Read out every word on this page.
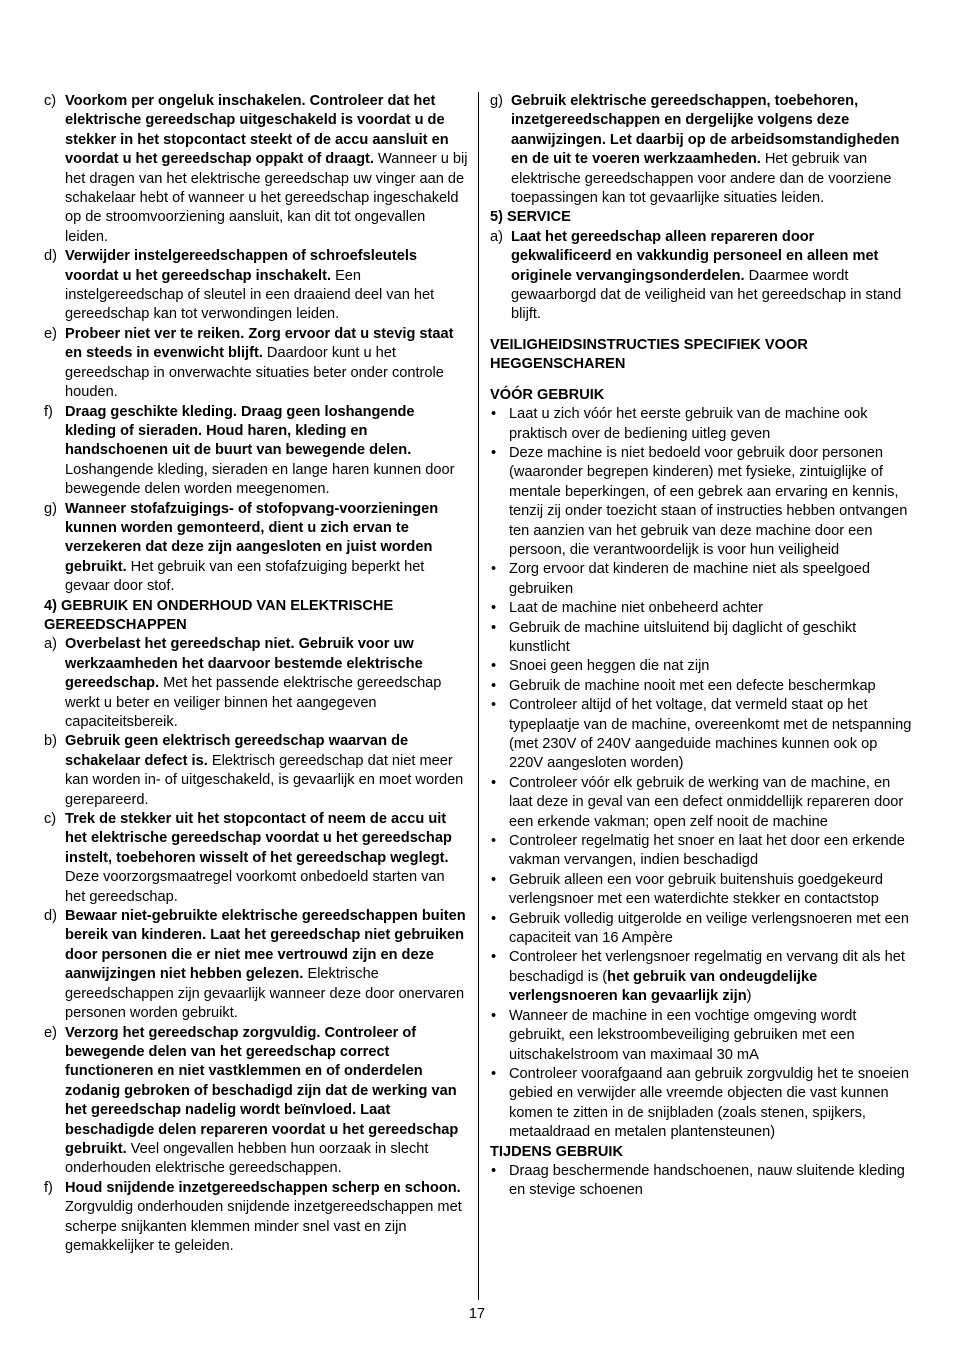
c) Voorkom per ongeluk inschakelen. Controleer dat het elektrische gereedschap uitgeschakeld is voordat u de stekker in het stopcontact steekt of de accu aansluit en voordat u het gereedschap oppakt of draagt. Wanneer u bij het dragen van het elektrische gereedschap uw vinger aan de schakelaar hebt of wanneer u het gereedschap ingeschakeld op de stroomvoorziening aansluit, kan dit tot ongevallen leiden.
d) Verwijder instelgereedschappen of schroefsleutels voordat u het gereedschap inschakelt. Een instelgereedschap of sleutel in een draaiend deel van het gereedschap kan tot verwondingen leiden.
e) Probeer niet ver te reiken. Zorg ervoor dat u stevig staat en steeds in evenwicht blijft. Daardoor kunt u het gereedschap in onverwachte situaties beter onder controle houden.
f) Draag geschikte kleding. Draag geen loshangende kleding of sieraden. Houd haren, kleding en handschoenen uit de buurt van bewegende delen. Loshangende kleding, sieraden en lange haren kunnen door bewegende delen worden meegenomen.
g) Wanneer stofafzuigings- of stofopvang-voorzieningen kunnen worden gemonteerd, dient u zich ervan te verzekeren dat deze zijn aangesloten en juist worden gebruikt. Het gebruik van een stofafzuiging beperkt het gevaar door stof.
4) GEBRUIK EN ONDERHOUD VAN ELEKTRISCHE GEREEDSCHAPPEN
a) Overbelast het gereedschap niet. Gebruik voor uw werkzaamheden het daarvoor bestemde elektrische gereedschap. Met het passende elektrische gereedschap werkt u beter en veiliger binnen het aangegeven capaciteitsbereik.
b) Gebruik geen elektrisch gereedschap waarvan de schakelaar defect is. Elektrisch gereedschap dat niet meer kan worden in- of uitgeschakeld, is gevaarlijk en moet worden gerepareerd.
c) Trek de stekker uit het stopcontact of neem de accu uit het elektrische gereedschap voordat u het gereedschap instelt, toebehoren wisselt of het gereedschap weglegt. Deze voorzorgsmaatregel voorkomt onbedoeld starten van het gereedschap.
d) Bewaar niet-gebruikte elektrische gereedschappen buiten bereik van kinderen. Laat het gereedschap niet gebruiken door personen die er niet mee vertrouwd zijn en deze aanwijzingen niet hebben gelezen. Elektrische gereedschappen zijn gevaarlijk wanneer deze door onervaren personen worden gebruikt.
e) Verzorg het gereedschap zorgvuldig. Controleer of bewegende delen van het gereedschap correct functioneren en niet vastklemmen en of onderdelen zodanig gebroken of beschadigd zijn dat de werking van het gereedschap nadelig wordt beïnvloed. Laat beschadigde delen repareren voordat u het gereedschap gebruikt. Veel ongevallen hebben hun oorzaak in slecht onderhouden elektrische gereedschappen.
f) Houd snijdende inzetgereedschappen scherp en schoon. Zorgvuldig onderhouden snijdende inzetgereedschappen met scherpe snijkanten klemmen minder snel vast en zijn gemakkelijker te geleiden.
g) Gebruik elektrische gereedschappen, toebehoren, inzetgereedschappen en dergelijke volgens deze aanwijzingen. Let daarbij op de arbeidsomstandigheden en de uit te voeren werkzaamheden. Het gebruik van elektrische gereedschappen voor andere dan de voorziene toepassingen kan tot gevaarlijke situaties leiden.
5) SERVICE
a) Laat het gereedschap alleen repareren door gekwalificeerd en vakkundig personeel en alleen met originele vervangingsonderdelen. Daarmee wordt gewaarborgd dat de veiligheid van het gereedschap in stand blijft.
VEILIGHEIDSINSTRUCTIES SPECIFIEK VOOR HEGGENSCHAREN
VÓÓR GEBRUIK
• Laat u zich vóór het eerste gebruik van de machine ook praktisch over de bediening uitleg geven
• Deze machine is niet bedoeld voor gebruik door personen (waaronder begrepen kinderen) met fysieke, zintuiglijke of mentale beperkingen, of een gebrek aan ervaring en kennis, tenzij zij onder toezicht staan of instructies hebben ontvangen ten aanzien van het gebruik van deze machine door een persoon, die verantwoordelijk is voor hun veiligheid
• Zorg ervoor dat kinderen de machine niet als speelgoed gebruiken
• Laat de machine niet onbeheerd achter
• Gebruik de machine uitsluitend bij daglicht of geschikt kunstlicht
• Snoei geen heggen die nat zijn
• Gebruik de machine nooit met een defecte beschermkap
• Controleer altijd of het voltage, dat vermeld staat op het typeplaatje van de machine, overeenkomt met de netspanning (met 230V of 240V aangeduide machines kunnen ook op 220V aangesloten worden)
• Controleer vóór elk gebruik de werking van de machine, en laat deze in geval van een defect onmiddellijk repareren door een erkende vakman; open zelf nooit de machine
• Controleer regelmatig het snoer en laat het door een erkende vakman vervangen, indien beschadigd
• Gebruik alleen een voor gebruik buitenshuis goedgekeurd verlengsnoer met een waterdichte stekker en contactstop
• Gebruik volledig uitgerolde en veilige verlengsnoeren met een capaciteit van 16 Ampère
• Controleer het verlengsnoer regelmatig en vervang dit als het beschadigd is (het gebruik van ondeugdelijke verlengsnoeren kan gevaarlijk zijn)
• Wanneer de machine in een vochtige omgeving wordt gebruikt, een lekstroombeveiliging gebruiken met een uitschakelstroom van maximaal 30 mA
• Controleer voorafgaand aan gebruik zorgvuldig het te snoeien gebied en verwijder alle vreemde objecten die vast kunnen komen te zitten in de snijbladen (zoals stenen, spijkers, metaaldraad en metalen plantensteunen)
TIJDENS GEBRUIK
• Draag beschermende handschoenen, nauw sluitende kleding en stevige schoenen
17
